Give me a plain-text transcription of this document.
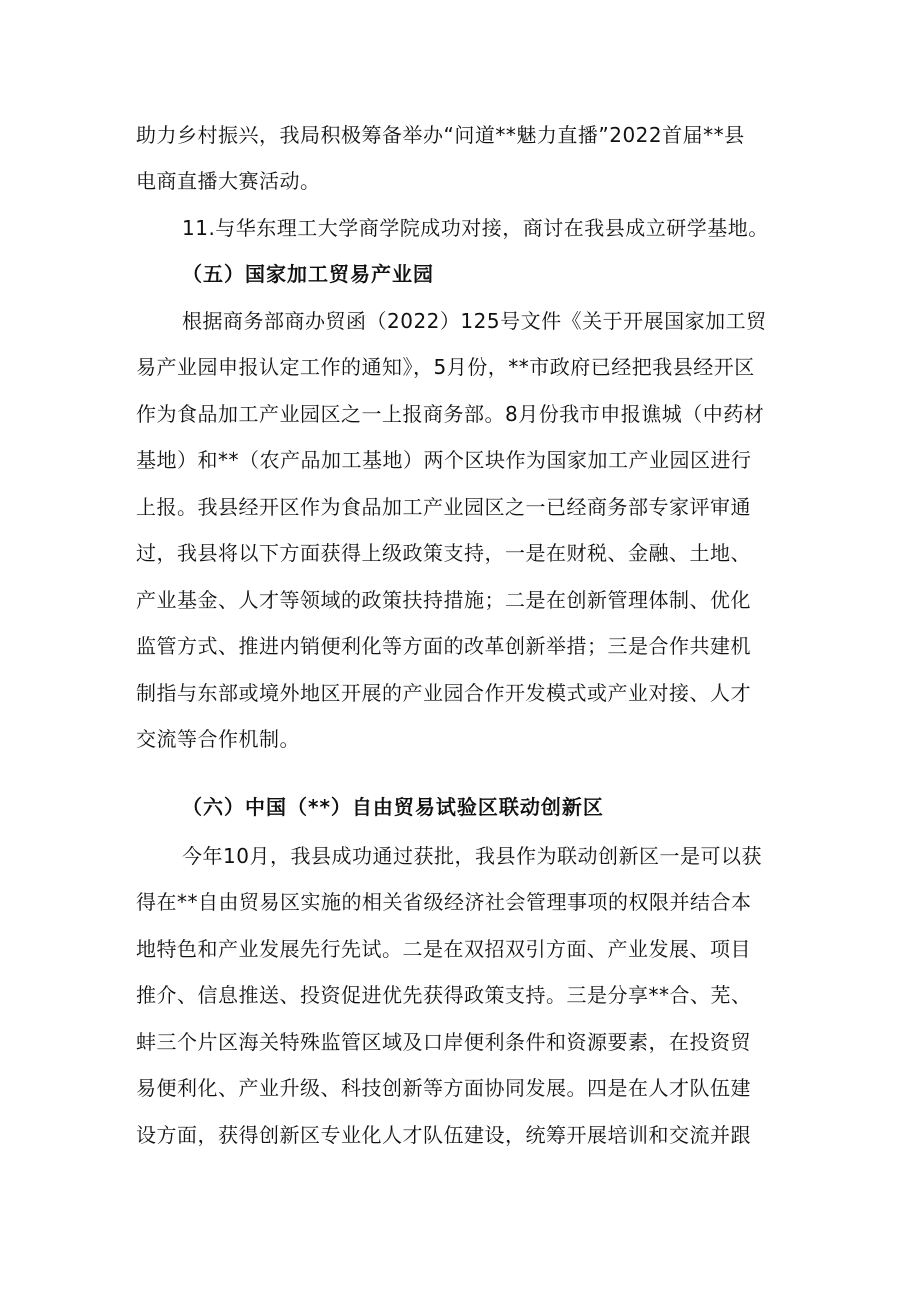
助力乡村振兴，我局积极筹备举办“问道**魅力直播”2022首届**县
电商直播大赛活动。
11.与华东理工大学商学院成功对接，商讨在我县成立研学基地。
（五）国家加工贸易产业园
根据商务部商办贸函（2022）125号文件《关于开展国家加工贸
易产业园申报认定工作的通知》，5月份，**市政府已经把我县经开区
作为食品加工产业园区之一上报商务部。8月份我市申报谯城（中药材
基地）和**（农产品加工基地）两个区块作为国家加工产业园区进行
上报。我县经开区作为食品加工产业园区之一已经商务部专家评审通
过，我县将以下方面获得上级政策支持，一是在财税、金融、土地、
产业基金、人才等领域的政策扶持措施；二是在创新管理体制、优化
监管方式、推进内销便利化等方面的改革创新举措；三是合作共建机
制指与东部或境外地区开展的产业园合作开发模式或产业对接、人才
交流等合作机制。
（六）中国（**）自由贸易试验区联动创新区
今年10月，我县成功通过获批，我县作为联动创新区一是可以获
得在**自由贸易区实施的相关省级经济社会管理事项的权限并结合本
地特色和产业发展先行先试。二是在双招双引方面、产业发展、项目
推介、信息推送、投资促进优先获得政策支持。三是分享**合、芜、
蚌三个片区海关特殊监管区域及口岸便利条件和资源要素，在投资贸
易便利化、产业升级、科技创新等方面协同发展。四是在人才队伍建
设方面，获得创新区专业化人才队伍建设，统筹开展培训和交流并跟
